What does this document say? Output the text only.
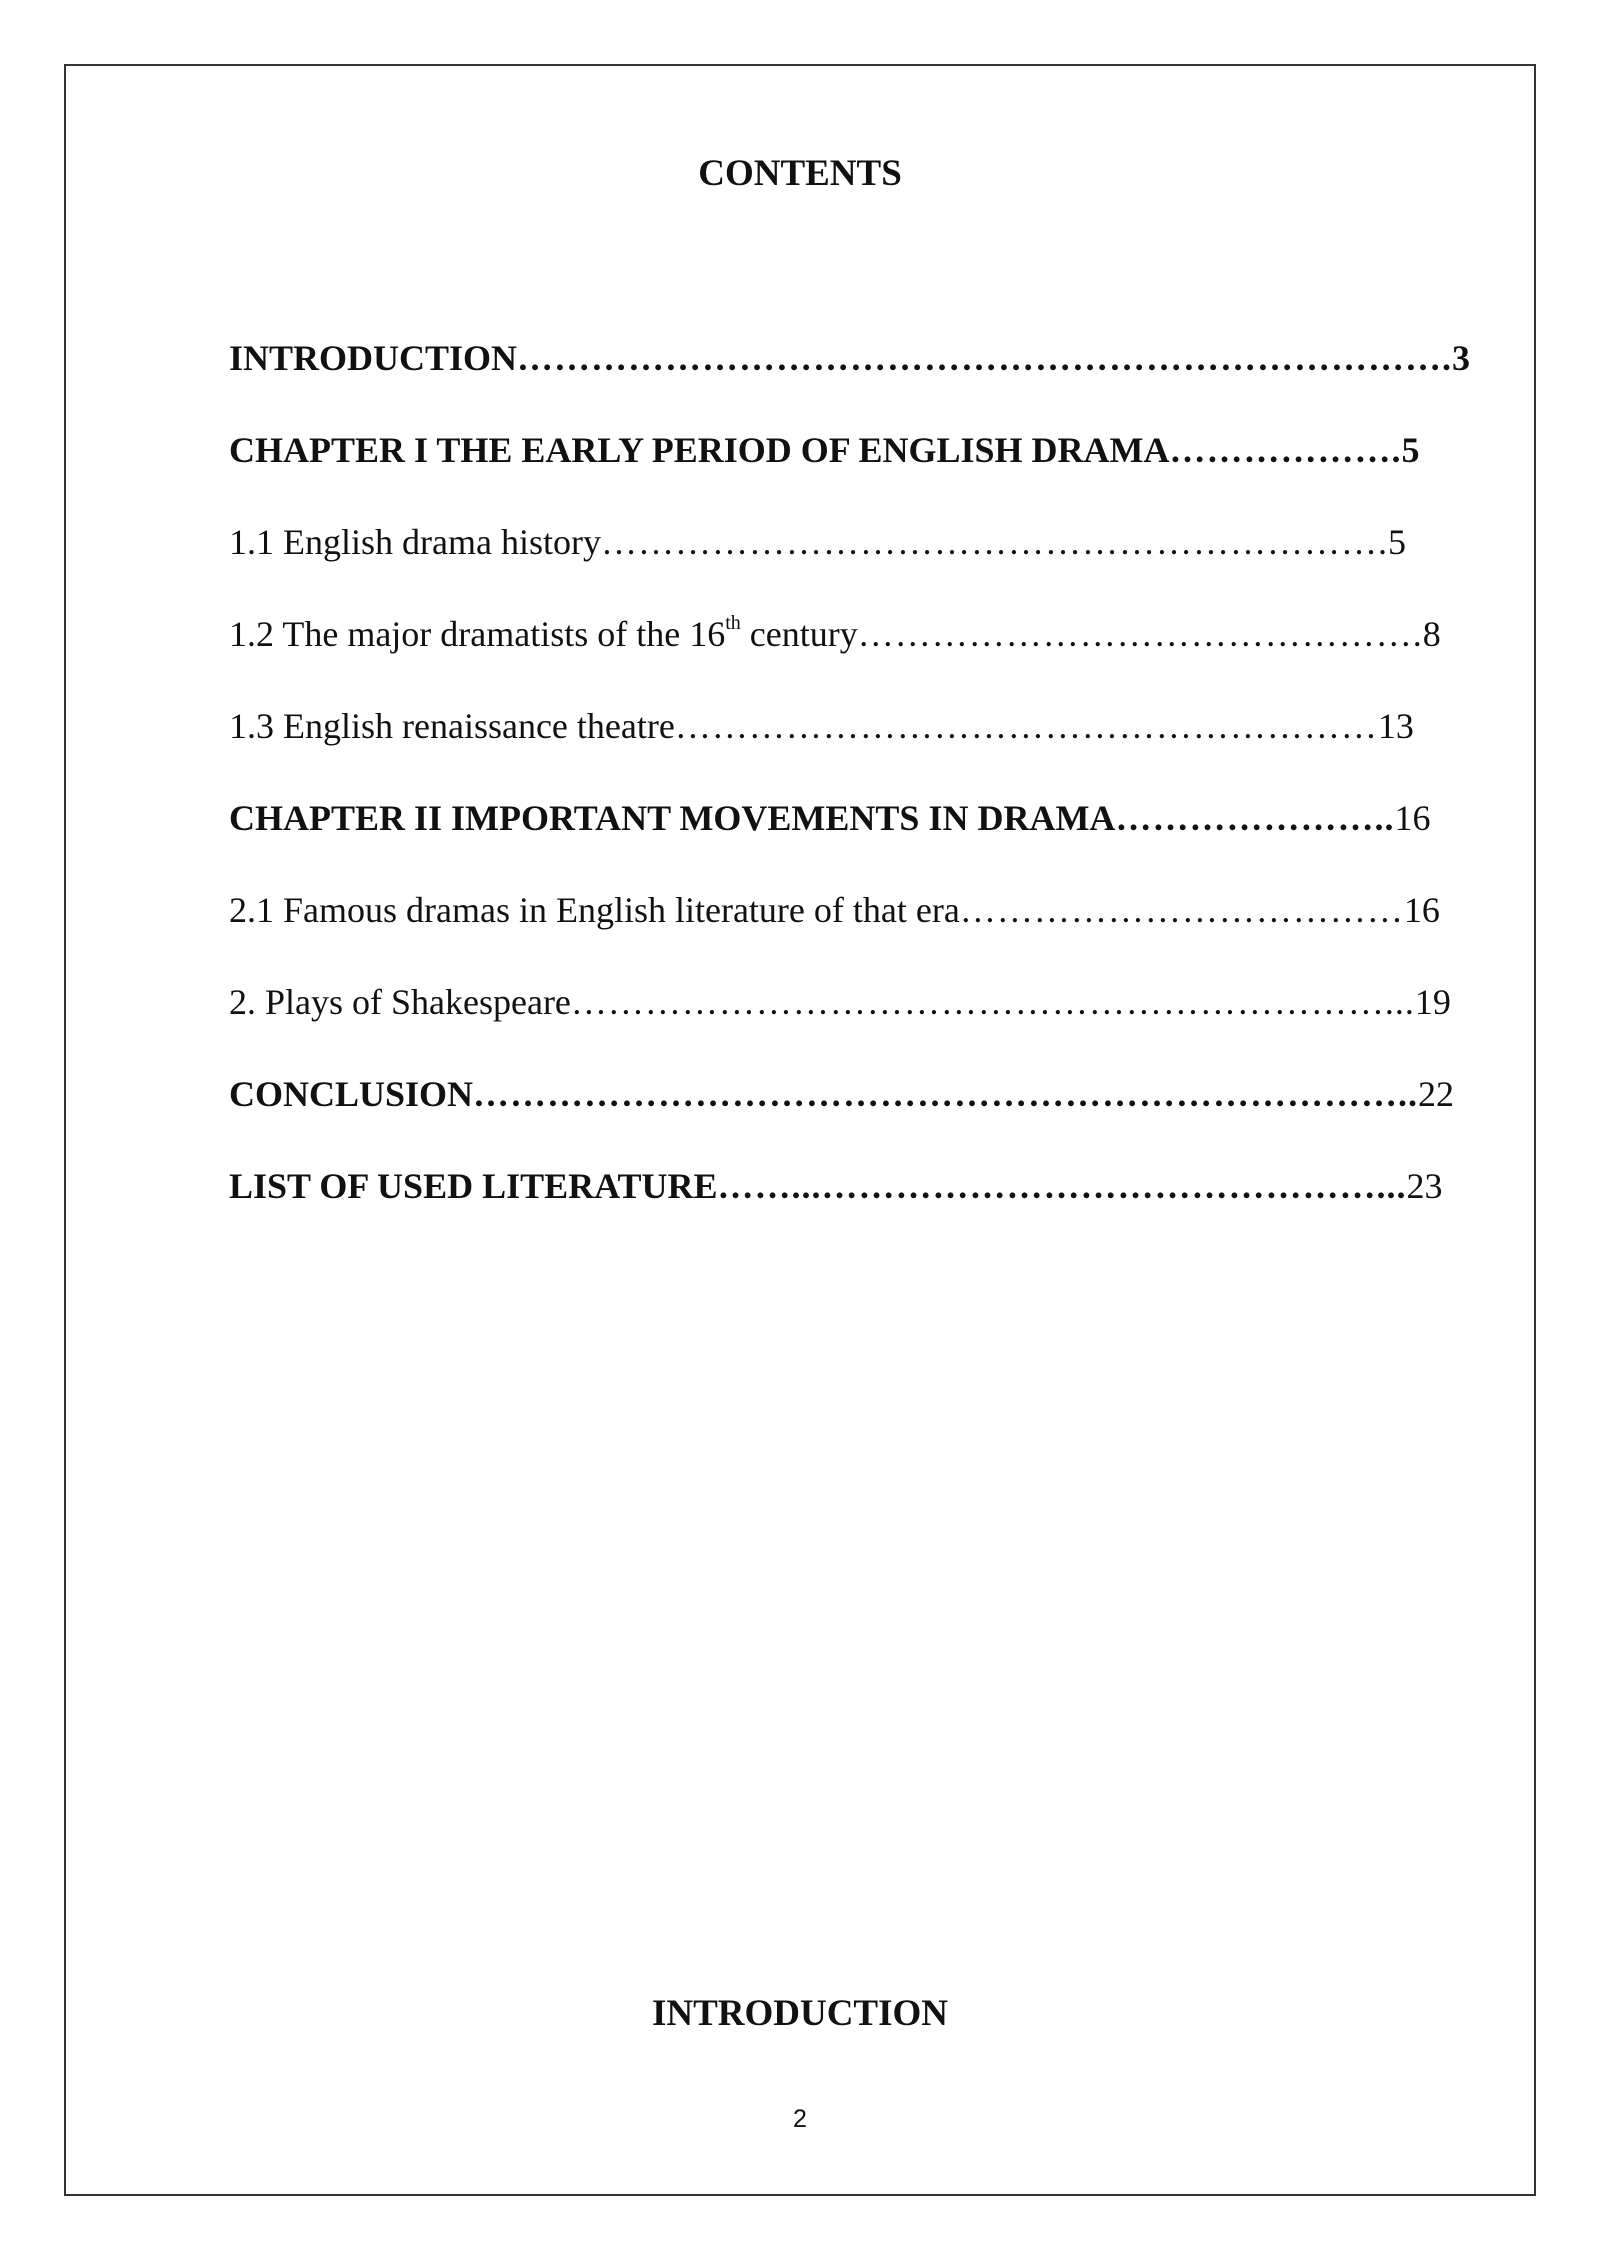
CONTENTS
INTRODUCTION …………………………………………………………………. 3
CHAPTER I THE EARLY PERIOD OF ENGLISH DRAMA ………………. 5
1.1 English drama history ………………………………………………………. 5
1.2 The major dramatists of the 16th century ………………………………………. 8
1.3 English renaissance theatre ………………………………………………… 13
CHAPTER II IMPORTANT MOVEMENTS IN DRAMA ………………….. 16
2.1 Famous dramas in English literature of that era ……………………………… 16
2. Plays of Shakespeare …………………………………………………………... 19
CONCLUSION ………………………………………………………………….. 22
LIST OF USED LITERATURE ……...………………………………………... 23
INTRODUCTION
2
